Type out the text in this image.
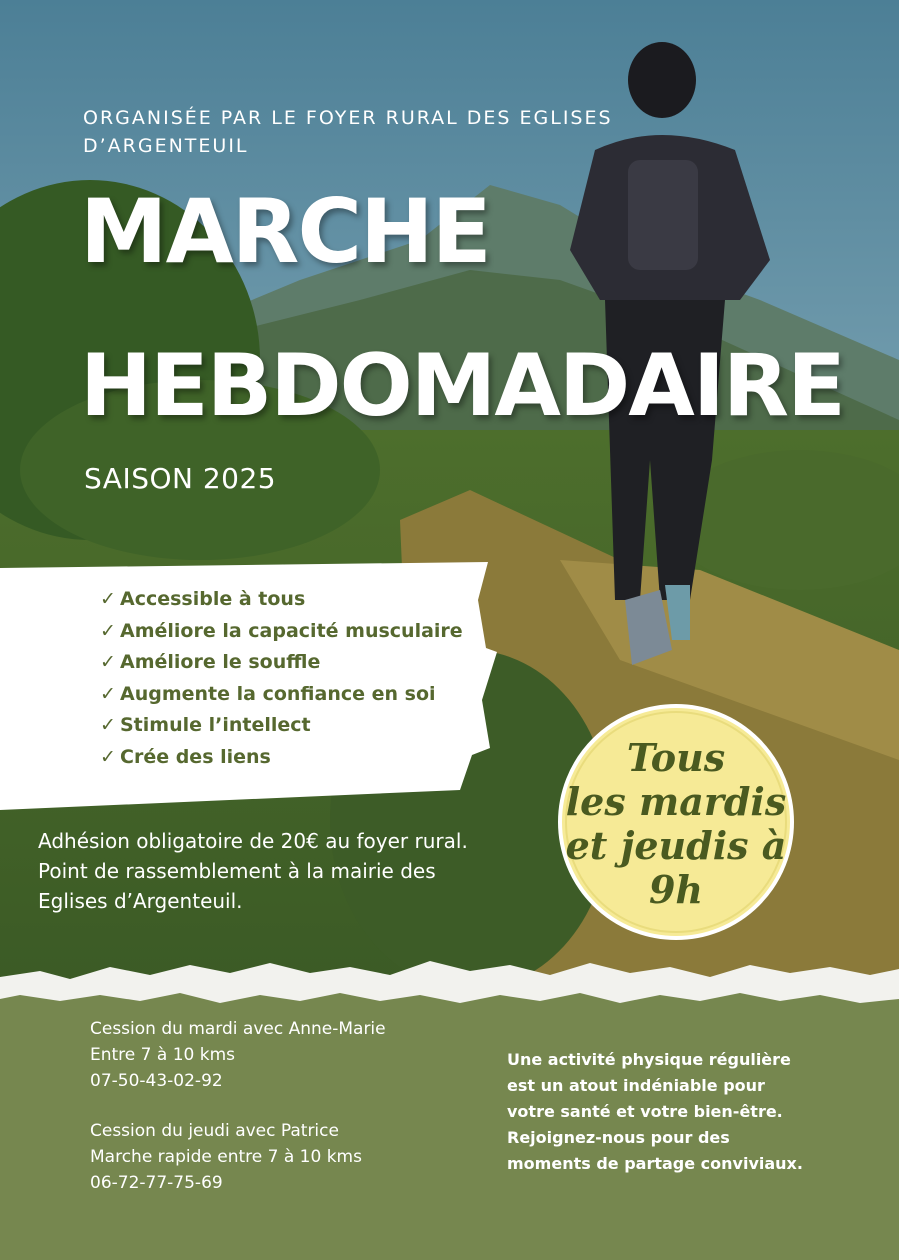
ORGANISÉE PAR LE FOYER RURAL DES EGLISES D’ARGENTEUIL
MARCHE
HEBDOMADAIRE
SAISON 2025
✓ Accessible à tous
✓ Améliore la capacité musculaire
✓ Améliore le souffle
✓ Augmente la confiance en soi
✓ Stimule l’intellect
✓ Crée des liens
Adhésion obligatoire de 20€ au foyer rural.
Point de rassemblement à la mairie des
Eglises d’Argenteuil.
Tous
les mardis
et jeudis à
9h
Cession du mardi avec Anne-Marie
Entre 7 à 10 kms
07-50-43-02-92
Cession du jeudi avec Patrice
Marche rapide entre 7 à 10 kms
06-72-77-75-69
Une activité physique régulière
est un atout indéniable pour
votre santé et votre bien-être.
Rejoignez-nous pour des
moments de partage conviviaux.
